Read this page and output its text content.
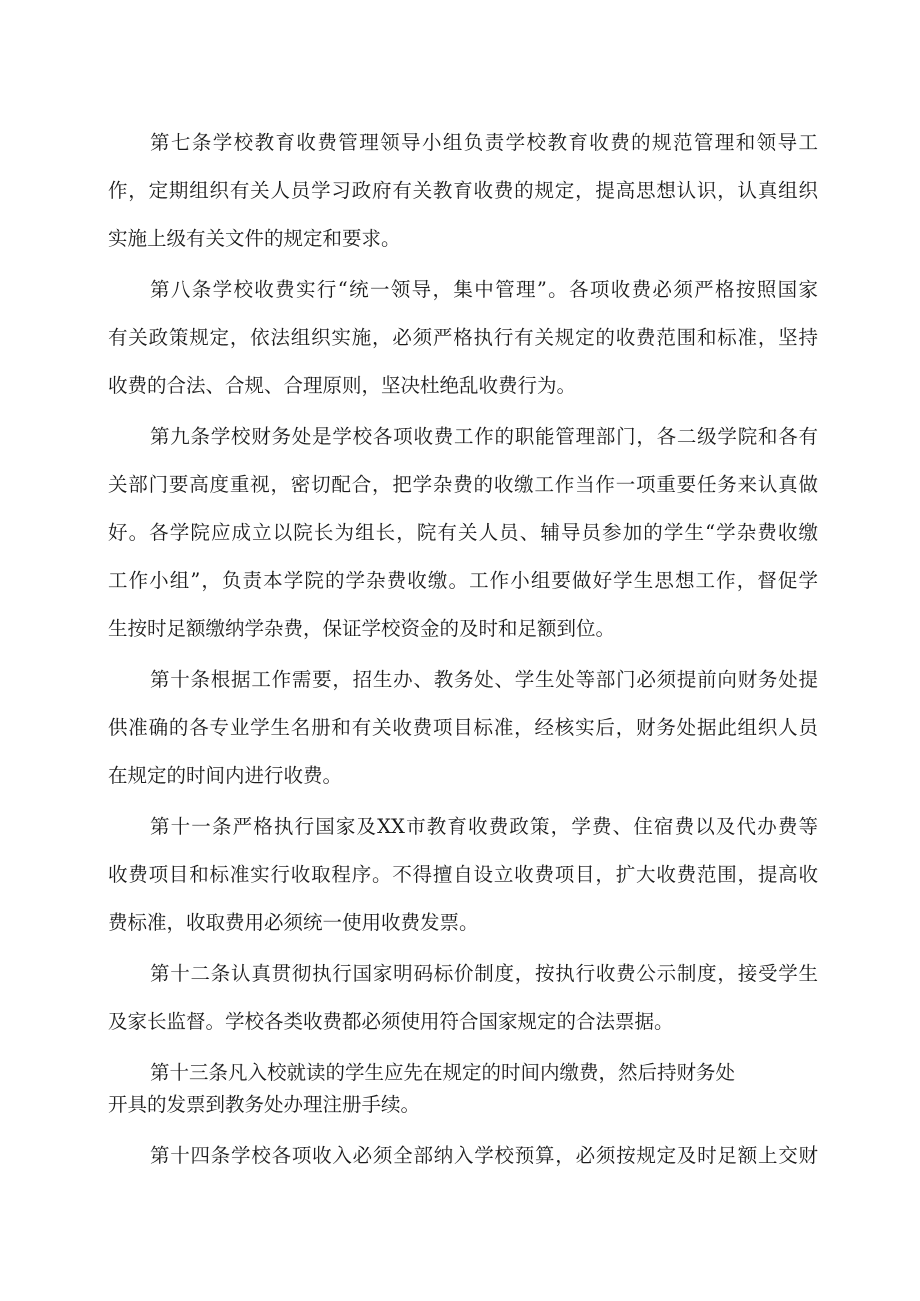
第七条学校教育收费管理领导小组负责学校教育收费的规范管理和领导工
作，定期组织有关人员学习政府有关教育收费的规定，提高思想认识，认真组织
实施上级有关文件的规定和要求。
第八条学校收费实行“统一领导，集中管理”。各项收费必须严格按照国家
有关政策规定，依法组织实施，必须严格执行有关规定的收费范围和标准，坚持
收费的合法、合规、合理原则，坚决杜绝乱收费行为。
第九条学校财务处是学校各项收费工作的职能管理部门，各二级学院和各有
关部门要高度重视，密切配合，把学杂费的收缴工作当作一项重要任务来认真做
好。各学院应成立以院长为组长，院有关人员、辅导员参加的学生“学杂费收缴
工作小组”，负责本学院的学杂费收缴。工作小组要做好学生思想工作，督促学
生按时足额缴纳学杂费，保证学校资金的及时和足额到位。
第十条根据工作需要，招生办、教务处、学生处等部门必须提前向财务处提
供准确的各专业学生名册和有关收费项目标准，经核实后，财务处据此组织人员
在规定的时间内进行收费。
第十一条严格执行国家及XX市教育收费政策，学费、住宿费以及代办费等
收费项目和标准实行收取程序。不得擅自设立收费项目，扩大收费范围，提高收
费标准，收取费用必须统一使用收费发票。
第十二条认真贯彻执行国家明码标价制度，按执行收费公示制度，接受学生
及家长监督。学校各类收费都必须使用符合国家规定的合法票据。
第十三条凡入校就读的学生应先在规定的时间内缴费，然后持财务处
开具的发票到教务处办理注册手续。
第十四条学校各项收入必须全部纳入学校预算，必须按规定及时足额上交财
